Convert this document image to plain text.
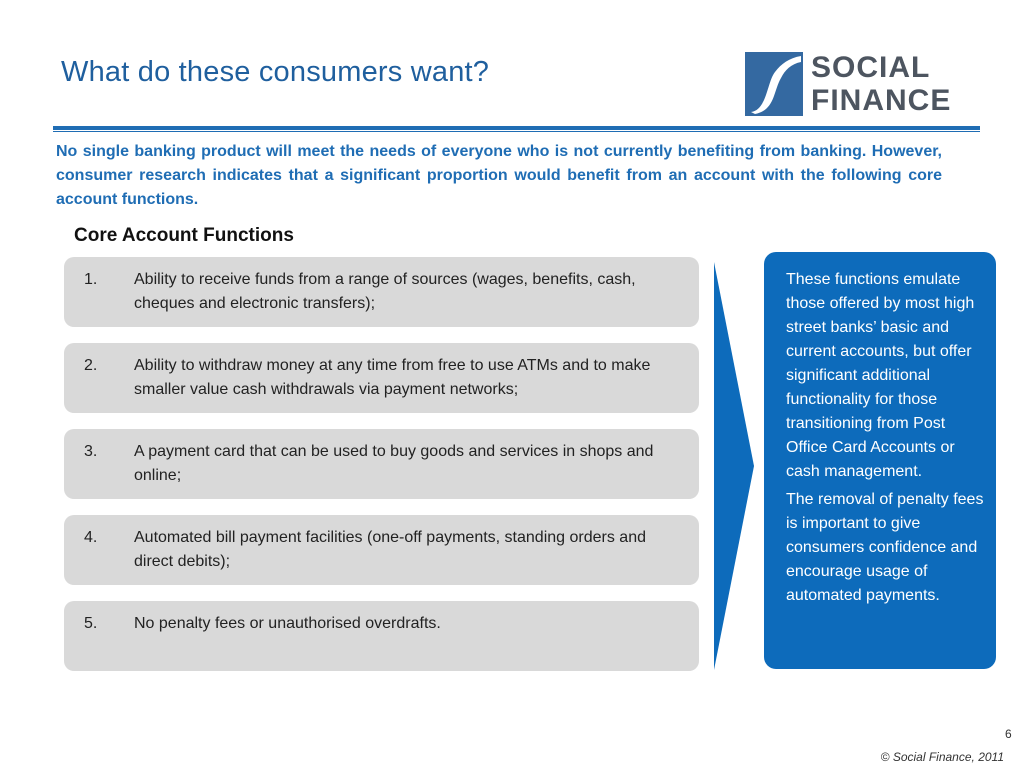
What do these consumers want?	SOCIAL
FINANCE
No single banking product will meet the needs of everyone who is not currently benefiting from banking. However, consumer research indicates that a significant proportion would benefit from an account with the following core account functions.
Core Account Functions
1. Ability to receive funds from a range of sources (wages, benefits, cash, cheques and electronic transfers);
2. Ability to withdraw money at any time from free to use ATMs and to make smaller value cash withdrawals via payment networks;
3. A payment card that can be used to buy goods and services in shops and online;
4. Automated bill payment facilities (one-off payments, standing orders and direct debits);
5. No penalty fees or unauthorised overdrafts.

These functions emulate those offered by most high street banks’ basic and current accounts, but offer significant additional functionality for those transitioning from Post Office Card Accounts or cash management.

The removal of penalty fees is important to give consumers confidence and encourage usage of automated payments.

6
© Social Finance, 2011
